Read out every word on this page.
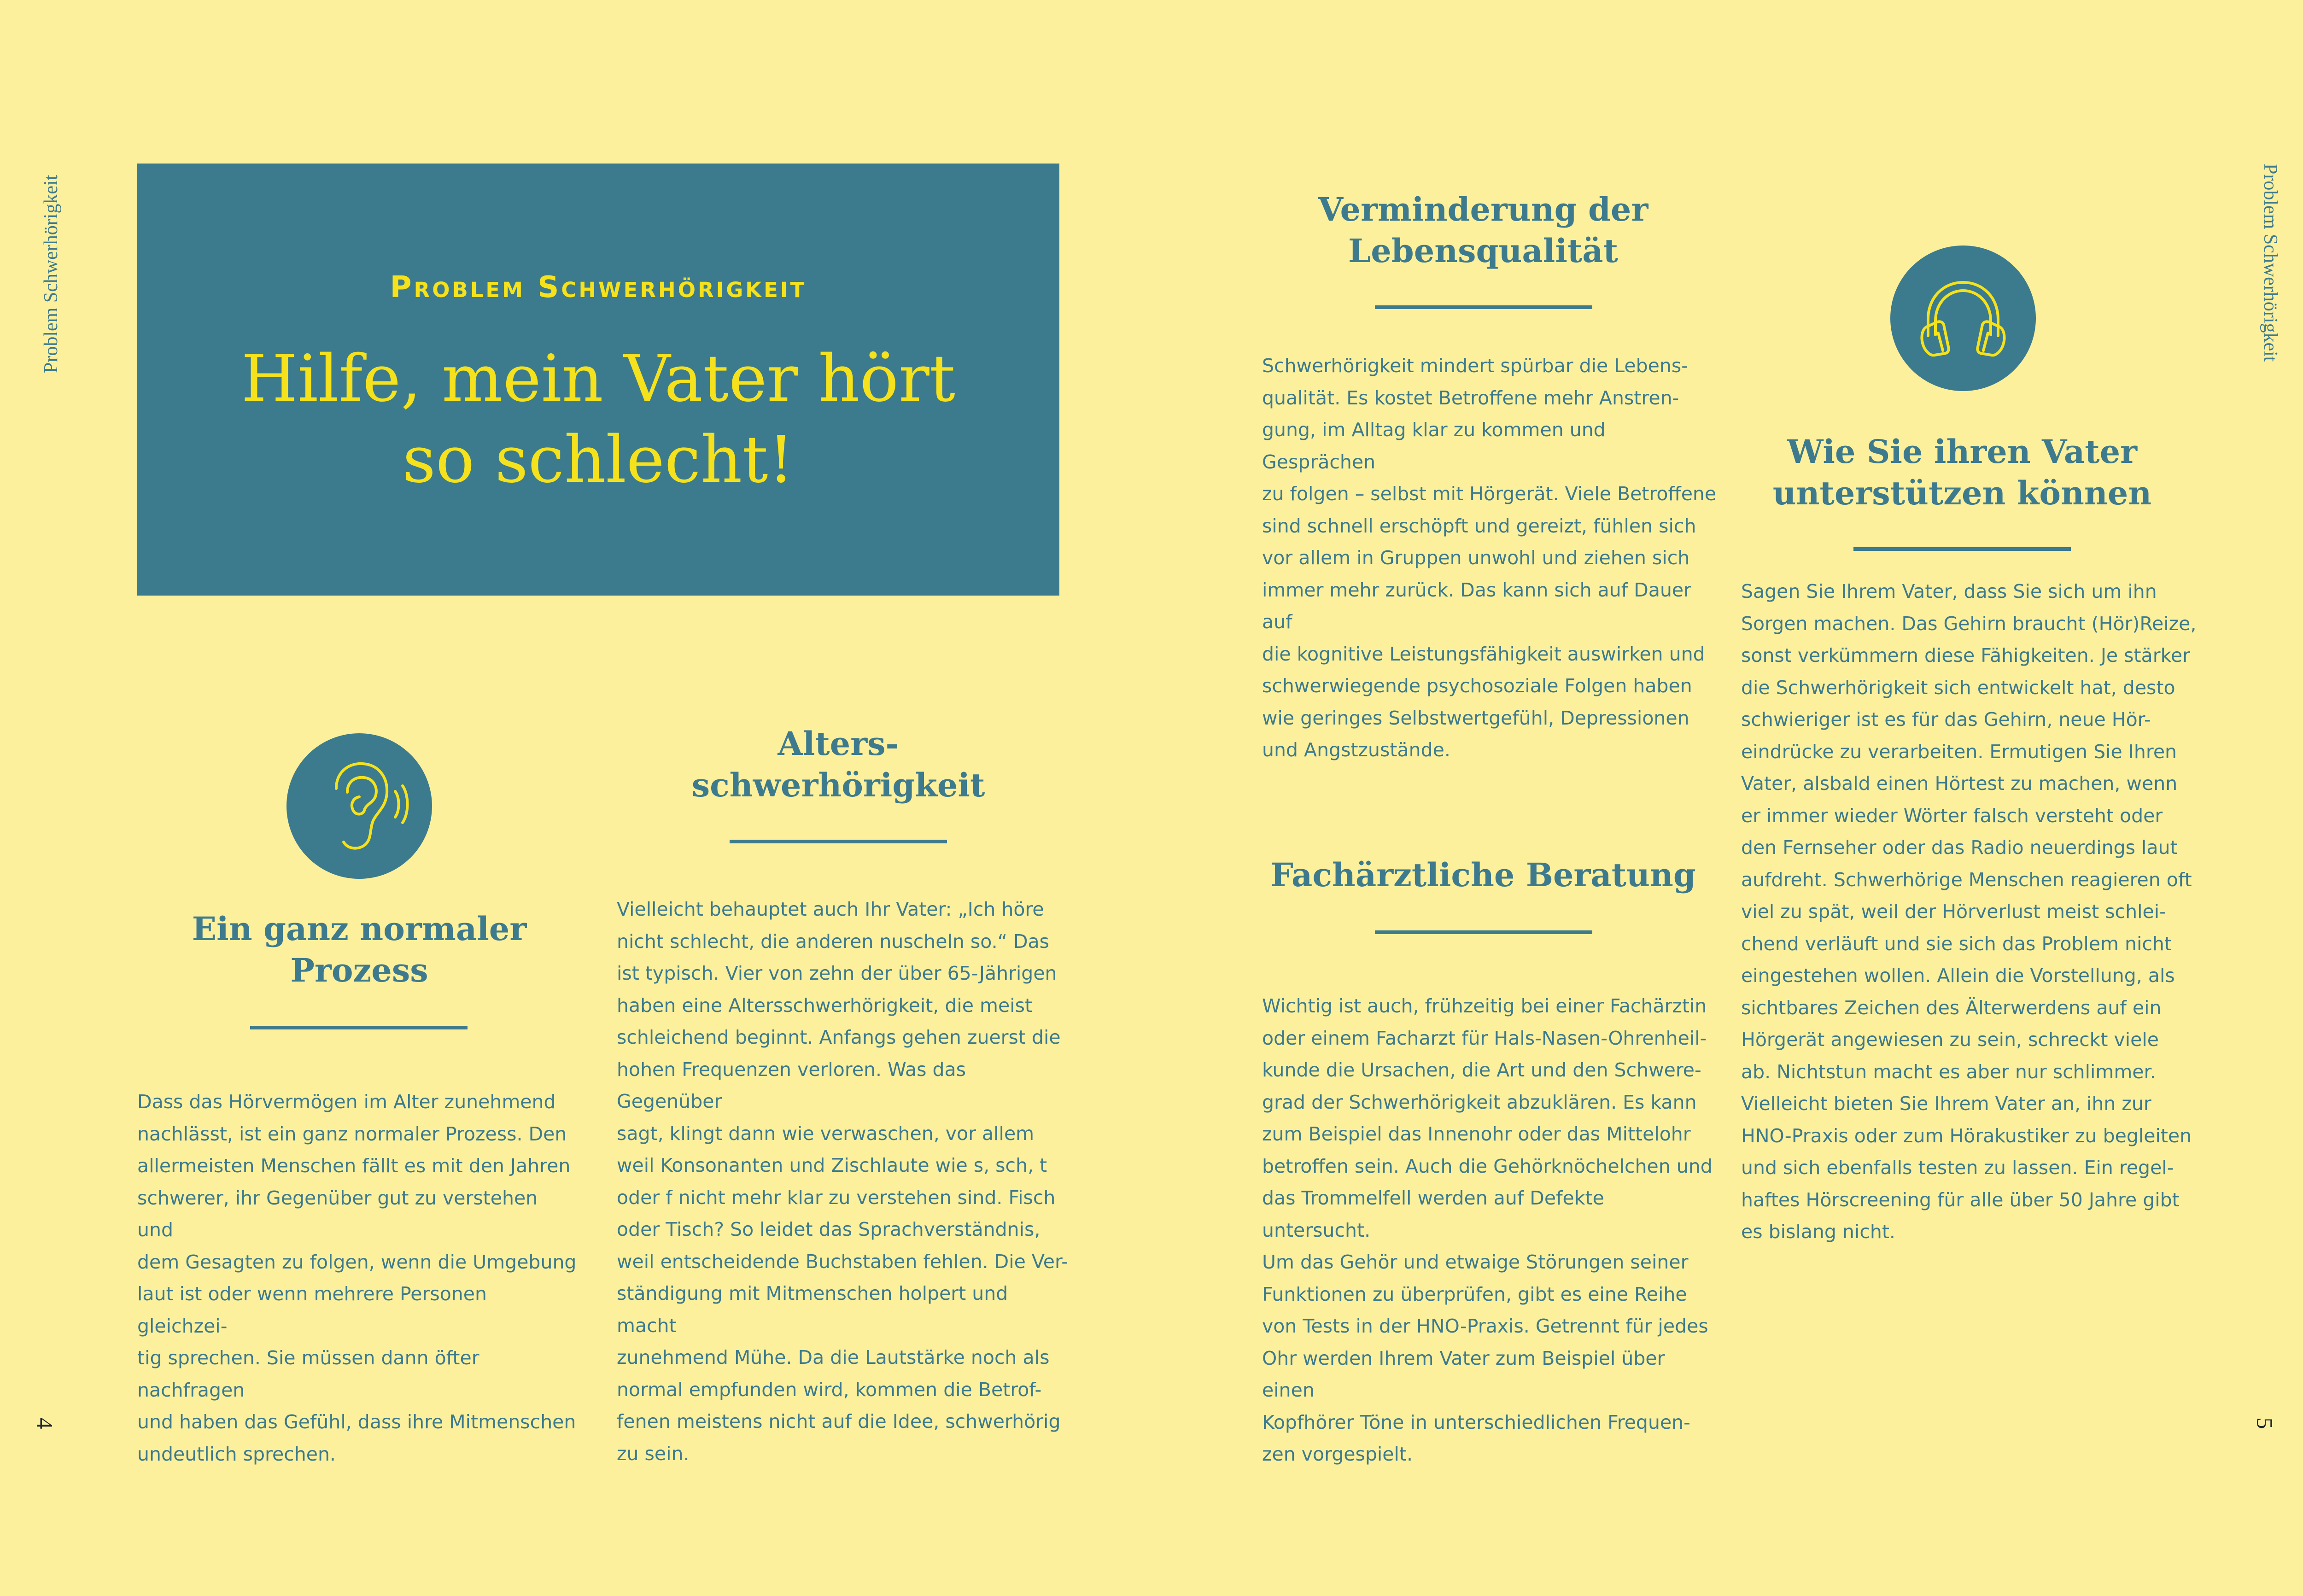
Problem Schwerhörigkeit	Problem Schwerhörigkeit
4	5
Problem Schwerhörigkeit
Hilfe, mein Vater hört
so schlecht!
Ein ganz normaler
Prozess
Dass das Hörvermögen im Alter zunehmend
nachlässt, ist ein ganz normaler Prozess. Den
allermeisten Menschen fällt es mit den Jahren
schwerer, ihr Gegenüber gut zu verstehen und
dem Gesagten zu folgen, wenn die Umgebung
laut ist oder wenn mehrere Personen gleichzei-
tig sprechen. Sie müssen dann öfter nachfragen
und haben das Gefühl, dass ihre Mitmenschen
undeutlich sprechen.
Alters-
schwerhörigkeit
Vielleicht behauptet auch Ihr Vater: „Ich höre
nicht schlecht, die anderen nuscheln so.“ Das
ist typisch. Vier von zehn der über 65-Jährigen
haben eine Altersschwerhörigkeit, die meist
schleichend beginnt. Anfangs gehen zuerst die
hohen Frequenzen verloren. Was das Gegenüber
sagt, klingt dann wie verwaschen, vor allem
weil Konsonanten und Zischlaute wie s, sch, t
oder f nicht mehr klar zu verstehen sind. Fisch
oder Tisch? So leidet das Sprachverständnis,
weil entscheidende Buchstaben fehlen. Die Ver-
ständigung mit Mitmenschen holpert und macht
zunehmend Mühe. Da die Lautstärke noch als
normal empfunden wird, kommen die Betrof-
fenen meistens nicht auf die Idee, schwerhörig
zu sein.
Verminderung der
Lebensqualität
Schwerhörigkeit mindert spürbar die Lebens-
qualität. Es kostet Betroffene mehr Anstren-
gung, im Alltag klar zu kommen und Gesprächen
zu folgen – selbst mit Hörgerät. Viele Betroffene
sind schnell erschöpft und gereizt, fühlen sich
vor allem in Gruppen unwohl und ziehen sich
immer mehr zurück. Das kann sich auf Dauer auf
die kognitive Leistungsfähigkeit auswirken und
schwerwiegende psychosoziale Folgen haben
wie geringes Selbstwertgefühl, Depressionen
und Angstzustände.
Fachärztliche Beratung
Wichtig ist auch, frühzeitig bei einer Fachärztin
oder einem Facharzt für Hals-Nasen-Ohrenheil-
kunde die Ursachen, die Art und den Schwere-
grad der Schwerhörigkeit abzuklären. Es kann
zum Beispiel das Innenohr oder das Mittelohr
betroffen sein. Auch die Gehörknöchelchen und
das Trommelfell werden auf Defekte untersucht.
Um das Gehör und etwaige Störungen seiner
Funktionen zu überprüfen, gibt es eine Reihe
von Tests in der HNO-Praxis. Getrennt für jedes
Ohr werden Ihrem Vater zum Beispiel über einen
Kopfhörer Töne in unterschiedlichen Frequen-
zen vorgespielt.
Wie Sie ihren Vater
unterstützen können
Sagen Sie Ihrem Vater, dass Sie sich um ihn
Sorgen machen. Das Gehirn braucht (Hör)Reize,
sonst verkümmern diese Fähigkeiten. Je stärker
die Schwerhörigkeit sich entwickelt hat, desto
schwieriger ist es für das Gehirn, neue Hör-
eindrücke zu verarbeiten. Ermutigen Sie Ihren
Vater, alsbald einen Hörtest zu machen, wenn
er immer wieder Wörter falsch versteht oder
den Fernseher oder das Radio neuerdings laut
aufdreht. Schwerhörige Menschen reagieren oft
viel zu spät, weil der Hörverlust meist schlei-
chend verläuft und sie sich das Problem nicht
eingestehen wollen. Allein die Vorstellung, als
sichtbares Zeichen des Älterwerdens auf ein
Hörgerät angewiesen zu sein, schreckt viele
ab. Nichtstun macht es aber nur schlimmer.
Vielleicht bieten Sie Ihrem Vater an, ihn zur
HNO-Praxis oder zum Hörakustiker zu begleiten
und sich ebenfalls testen zu lassen. Ein regel-
haftes Hörscreening für alle über 50 Jahre gibt
es bislang nicht.
